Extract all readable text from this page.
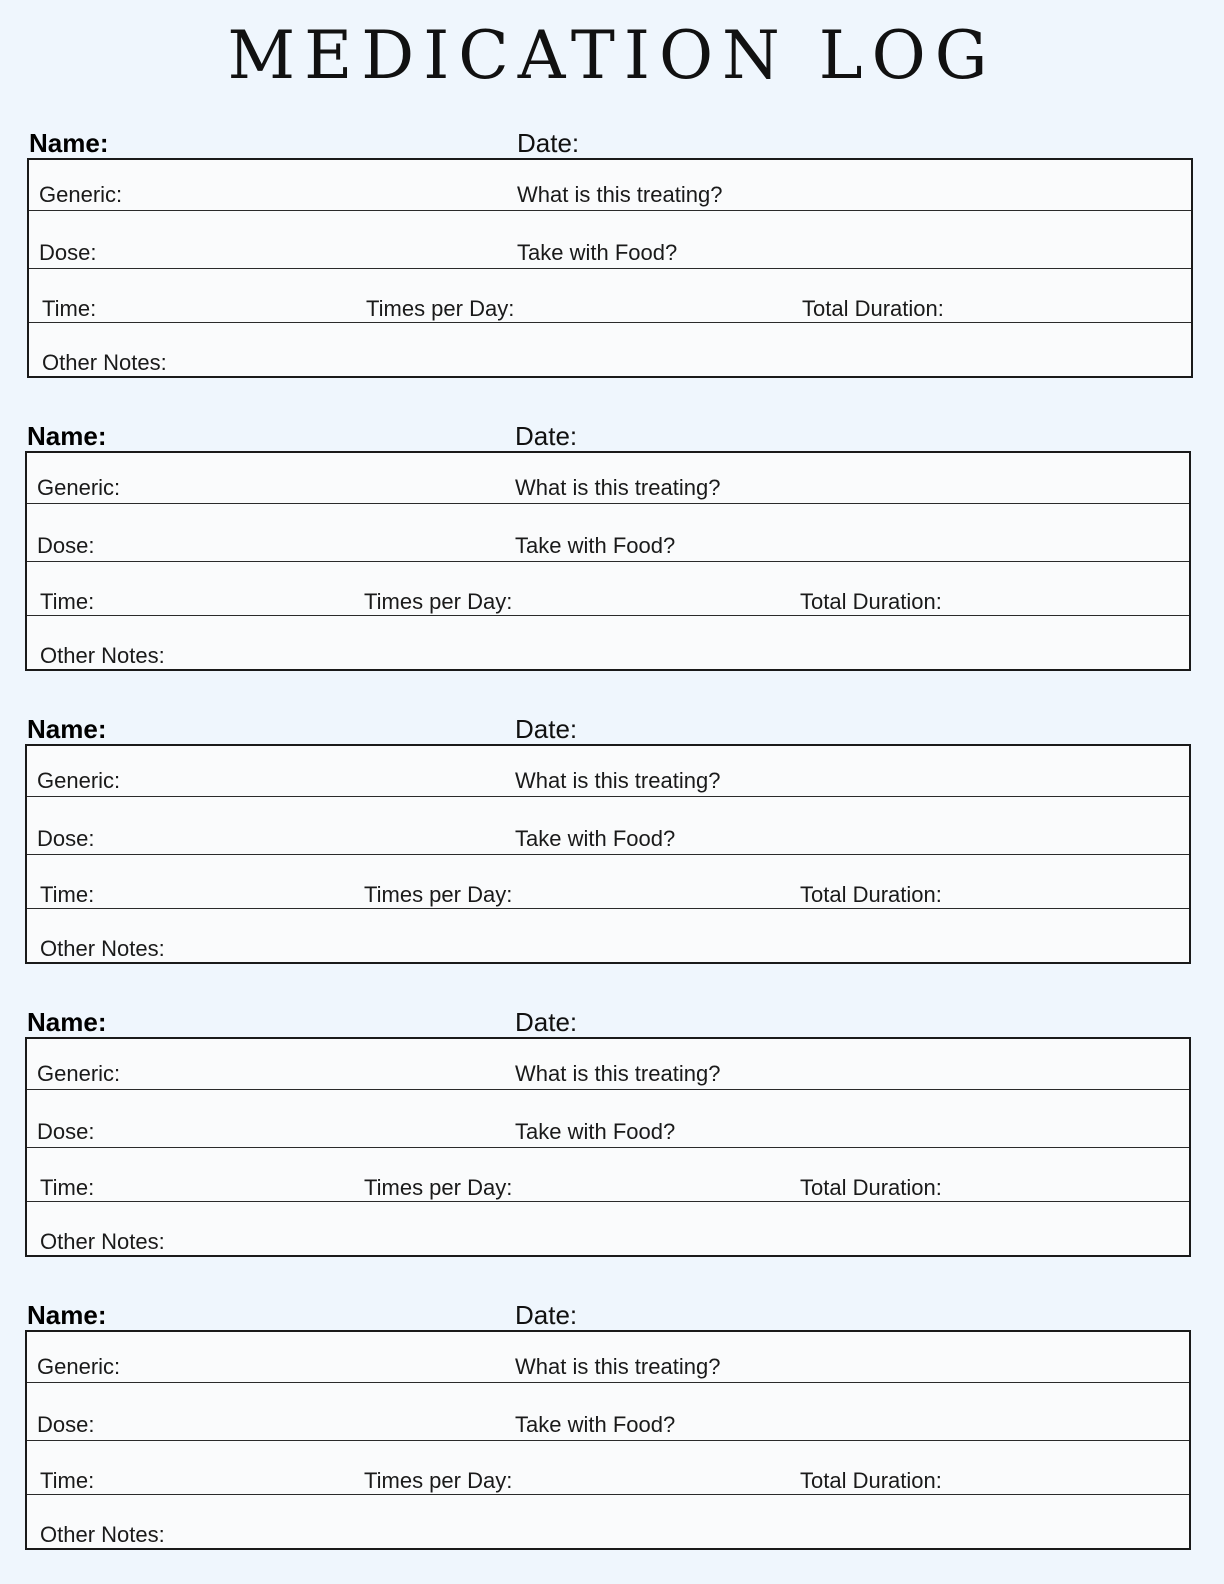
MEDICATION LOG
Name:	Date:
Generic:	What is this treating?
Dose:	Take with Food?
Time:	Times per Day:	Total Duration:
Other Notes:
Name:	Date:
Generic:	What is this treating?
Dose:	Take with Food?
Time:	Times per Day:	Total Duration:
Other Notes:
Name:	Date:
Generic:	What is this treating?
Dose:	Take with Food?
Time:	Times per Day:	Total Duration:
Other Notes:
Name:	Date:
Generic:	What is this treating?
Dose:	Take with Food?
Time:	Times per Day:	Total Duration:
Other Notes:
Name:	Date:
Generic:	What is this treating?
Dose:	Take with Food?
Time:	Times per Day:	Total Duration:
Other Notes:
